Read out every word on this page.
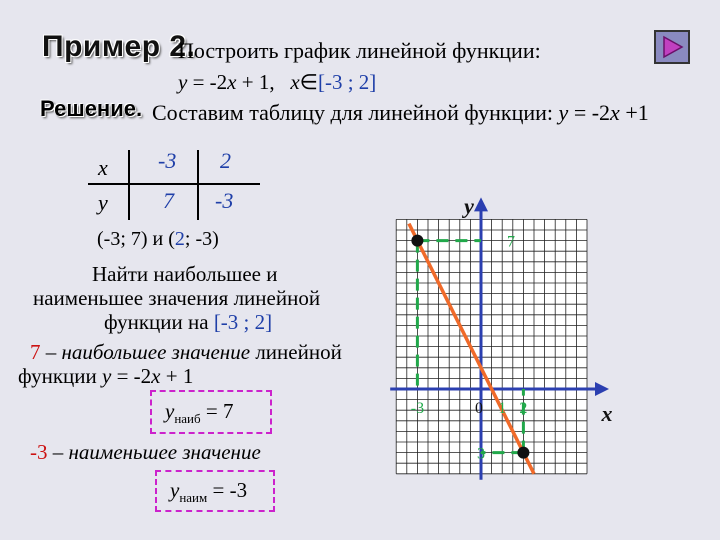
Пример 2.
Построить график линейной функции:
y = -2x + 1, x∈[-3 ; 2]
Решение. Составим таблицу для линейной функции: y = -2x +1
x -3 2
y	7 -3
(-3; 7) и (2; -3)
Найти наибольшее и
наименьшее значения линейной
функции на [-3 ; 2]
7 – наибольшее значение линейной
функции y = -2x + 1
$y_{наиб} = 7$
-3 – наименьшее значение
$y_{наим} = -3$
-3	0 1 2
7
3
x
y
